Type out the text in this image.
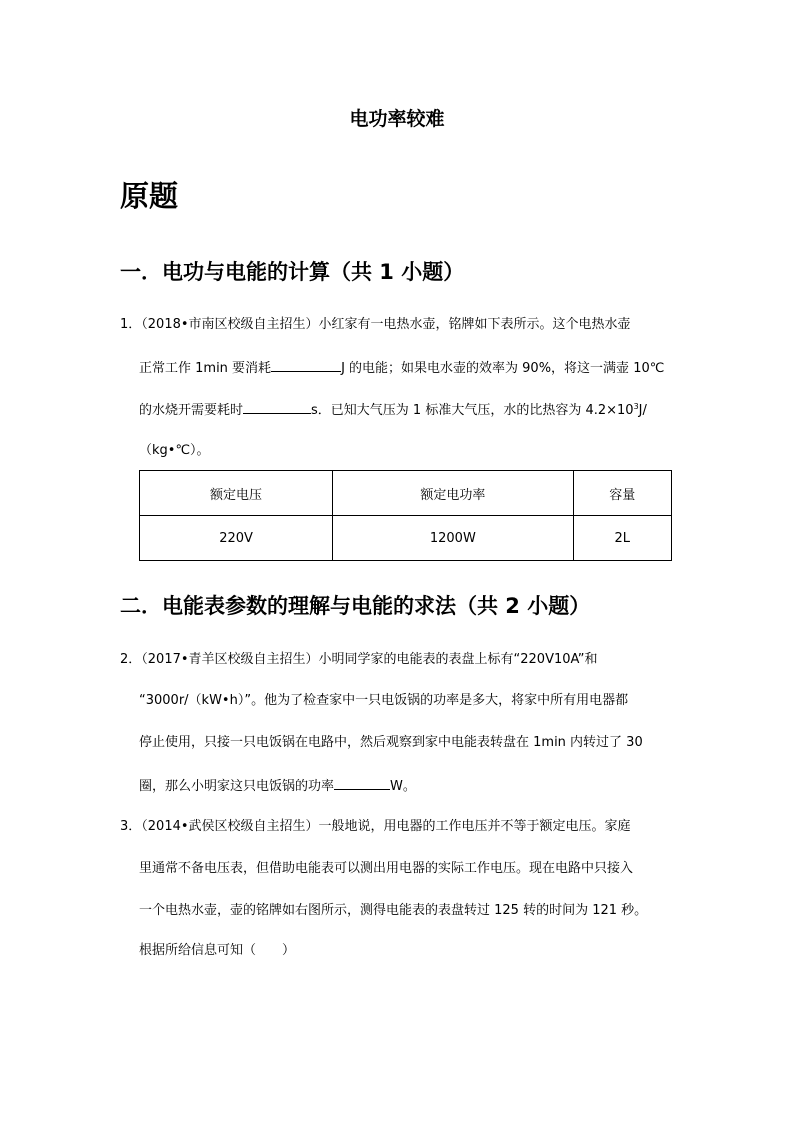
电功率较难
原题
一．电功与电能的计算（共 1 小题）
1．（2018•市南区校级自主招生）小红家有一电热水壶，铭牌如下表所示。这个电热水壶
正常工作 1min 要消耗	J 的电能；如果电水壶的效率为 90%，将这一满壶 10℃
的水烧开需要耗时	s．已知大气压为 1 标准大气压，水的比热容为 $4.2\times 10^3J/$
（kg•℃）。
额定电压	额定电功率	容量
220V	1200W	2L
二．电能表参数的理解与电能的求法（共 2 小题）
2．（2017•青羊区校级自主招生）小明同学家的电能表的表盘上标有“220V10A”和
“3000r/（kW•h）”。他为了检查家中一只电饭锅的功率是多大，将家中所有用电器都
停止使用，只接一只电饭锅在电路中，然后观察到家中电能表转盘在 1min 内转过了 30
圈，那么小明家这只电饭锅的功率	W。
3．（2014•武侯区校级自主招生）一般地说，用电器的工作电压并不等于额定电压。家庭
里通常不备电压表，但借助电能表可以测出用电器的实际工作电压。现在电路中只接入
一个电热水壶，壶的铭牌如右图所示，测得电能表的表盘转过 125 转的时间为 121 秒。
根据所给信息可知（　　）
